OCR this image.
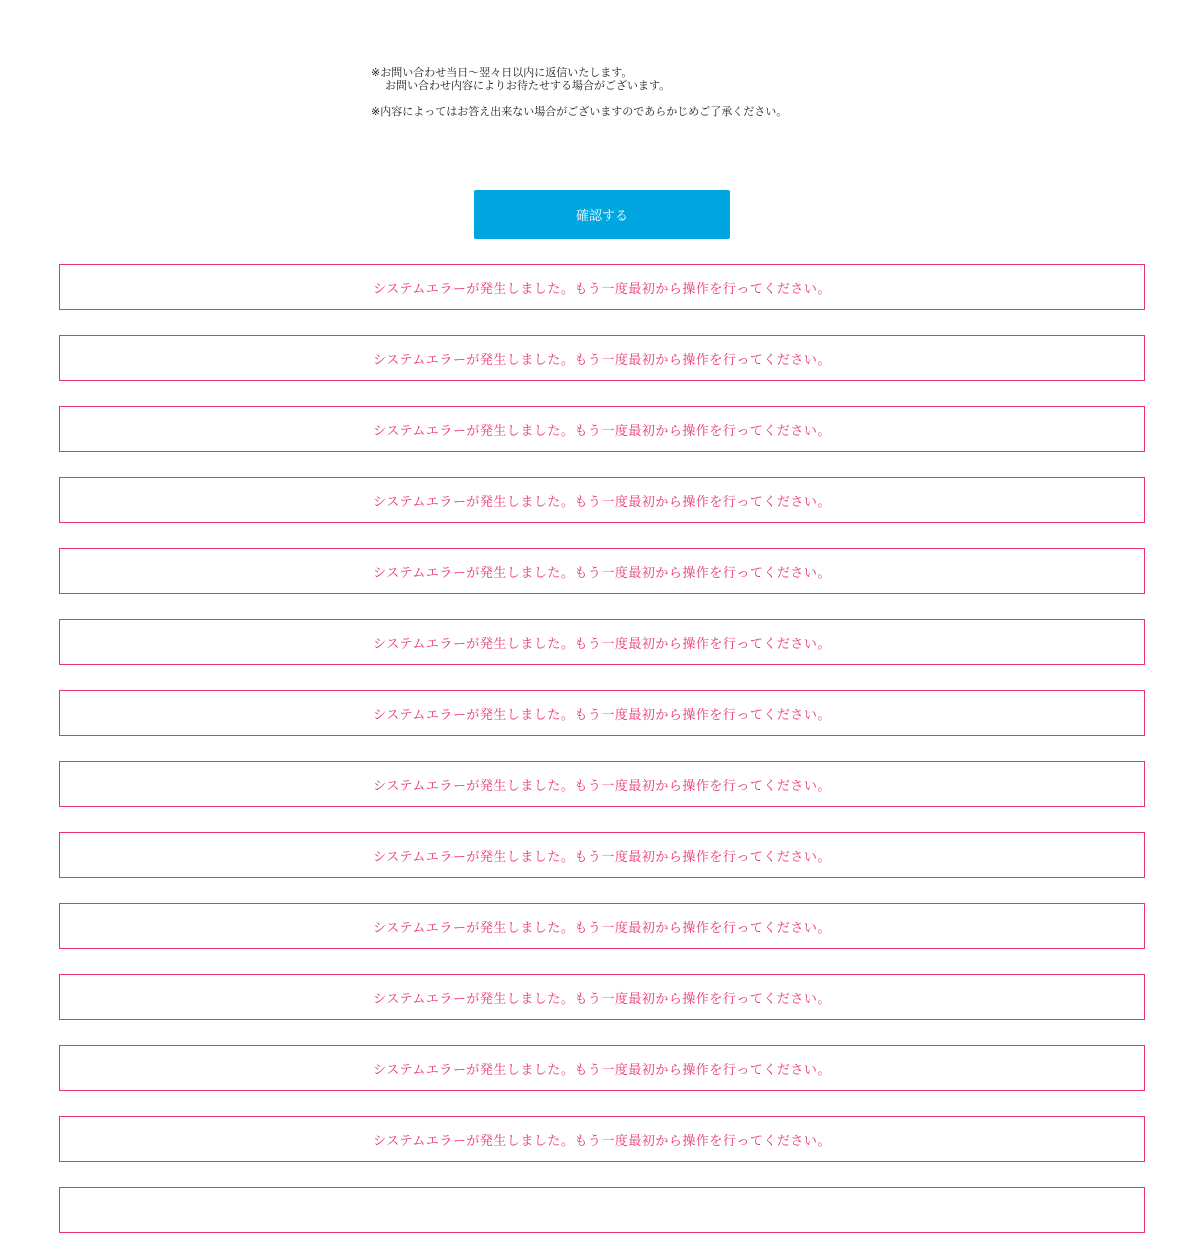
※お問い合わせ当日〜翌々日以内に返信いたします。

お問い合わせ内容によりお待たせする場合がございます。

※内容によってはお答え出来ない場合がございますのであらかじめご了承ください。

確認する
システムエラーが発生しました。もう一度最初から操作を行ってください。
システムエラーが発生しました。もう一度最初から操作を行ってください。
システムエラーが発生しました。もう一度最初から操作を行ってください。
システムエラーが発生しました。もう一度最初から操作を行ってください。
システムエラーが発生しました。もう一度最初から操作を行ってください。
システムエラーが発生しました。もう一度最初から操作を行ってください。
システムエラーが発生しました。もう一度最初から操作を行ってください。
システムエラーが発生しました。もう一度最初から操作を行ってください。
システムエラーが発生しました。もう一度最初から操作を行ってください。
システムエラーが発生しました。もう一度最初から操作を行ってください。
システムエラーが発生しました。もう一度最初から操作を行ってください。
システムエラーが発生しました。もう一度最初から操作を行ってください。
システムエラーが発生しました。もう一度最初から操作を行ってください。
